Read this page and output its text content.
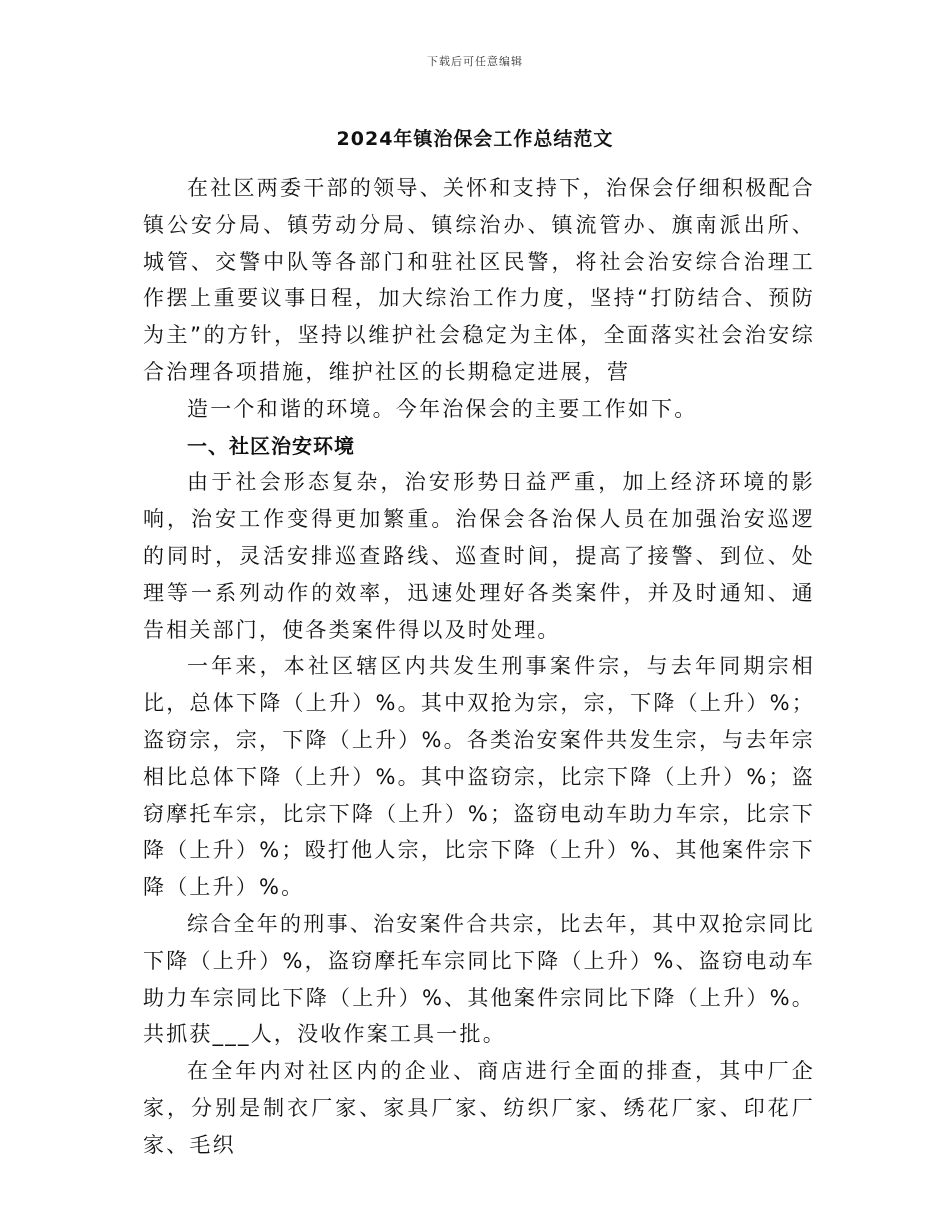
下载后可任意编辑
2024年镇治保会工作总结范文

在社区两委干部的领导、关怀和支持下，治保会仔细积极配合镇公安分局、镇劳动分局、镇综治办、镇流管办、旗南派出所、城管、交警中队等各部门和驻社区民警，将社会治安综合治理工作摆上重要议事日程，加大综治工作力度，坚持“打防结合、预防为主”的方针，坚持以维护社会稳定为主体，全面落实社会治安综合治理各项措施，维护社区的长期稳定进展，营

造一个和谐的环境。今年治保会的主要工作如下。

一、社区治安环境

由于社会形态复杂，治安形势日益严重，加上经济环境的影响，治安工作变得更加繁重。治保会各治保人员在加强治安巡逻的同时，灵活安排巡查路线、巡查时间，提高了接警、到位、处理等一系列动作的效率，迅速处理好各类案件，并及时通知、通告相关部门，使各类案件得以及时处理。

一年来，本社区辖区内共发生刑事案件宗，与去年同期宗相比，总体下降（上升）%。其中双抢为宗，宗，下降（上升）%；盗窃宗，宗，下降（上升）%。各类治安案件共发生宗，与去年宗相比总体下降（上升）%。其中盗窃宗，比宗下降（上升）%；盗窃摩托车宗，比宗下降（上升）%；盗窃电动车助力车宗，比宗下降（上升）%；殴打他人宗，比宗下降（上升）%、其他案件宗下降（上升）%。

综合全年的刑事、治安案件合共宗，比去年，其中双抢宗同比下降（上升）%，盗窃摩托车宗同比下降（上升）%、盗窃电动车助力车宗同比下降（上升）%、其他案件宗同比下降（上升）%。共抓获___人，没收作案工具一批。

在全年内对社区内的企业、商店进行全面的排查，其中厂企家，分别是制衣厂家、家具厂家、纺织厂家、绣花厂家、印花厂家、毛织
